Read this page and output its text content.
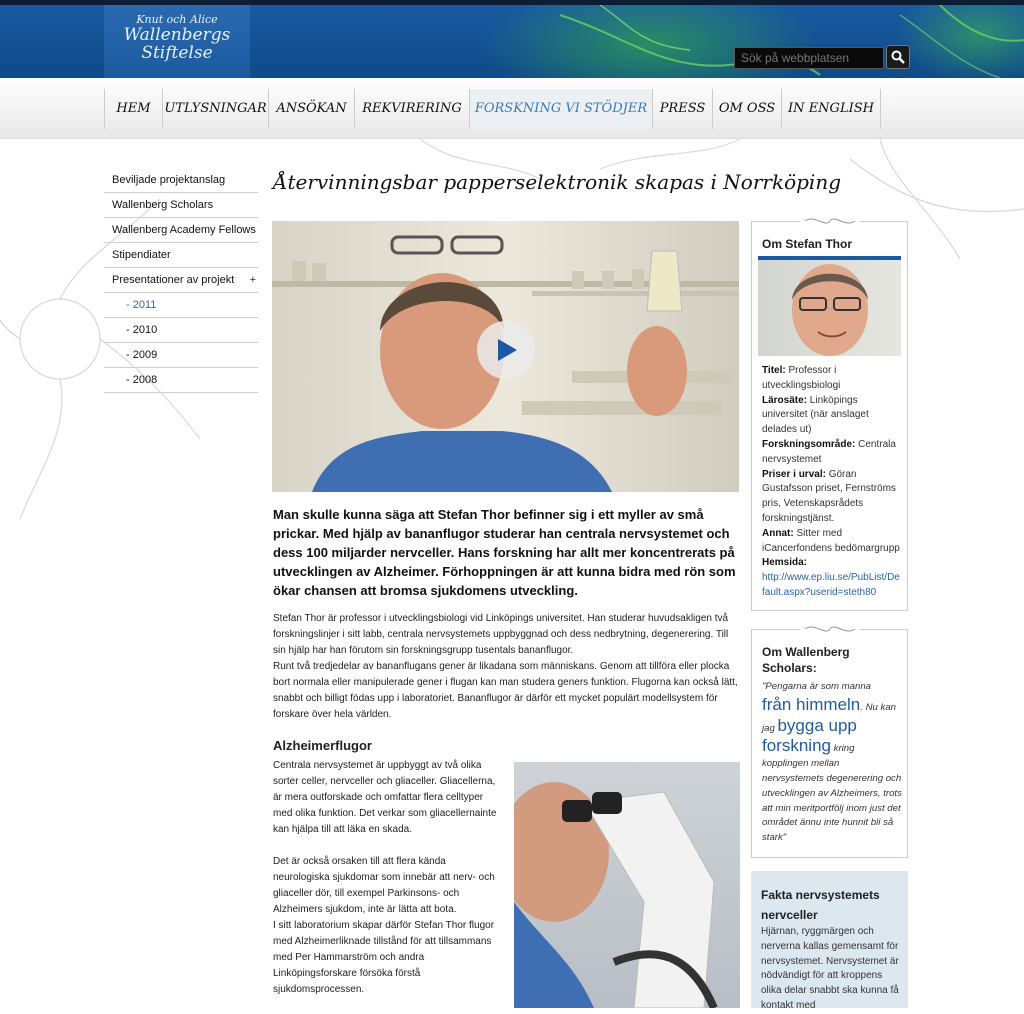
Knut och Alice
Wallenbergs
Stiftelse
Sök på webbplatsen
HEM	UTLYSNINGAR ANSÖKAN	REKVIRERING	FORSKNING VI STÖDJER PRESS	OM OSS IN ENGLISH
Beviljade projektanslag
Wallenberg Scholars
Wallenberg Academy Fellows
Stipendiater
Presentationer av projekt +
- 2011
- 2010
- 2009
- 2008
Återvinningsbar papperselektronik skapas i Norrköping
Man skulle kunna säga att Stefan Thor befinner sig i ett myller av små prickar. Med hjälp av bananflugor studerar han centrala nervsystemet och dess 100 miljarder nervceller. Hans forskning har allt mer koncentrerats på utvecklingen av Alzheimer. Förhoppningen är att kunna bidra med rön som ökar chansen att bromsa sjukdomens utveckling.

Stefan Thor är professor i utvecklingsbiologi vid Linköpings universitet. Han studerar huvudsakligen två forskningslinjer i sitt labb, centrala nervsystemets uppbyggnad och dess nedbrytning, degenerering. Till sin hjälp har han förutom sin forskningsgrupp tusentals bananflugor.

Runt två tredjedelar av bananflugans gener är likadana som människans. Genom att tillföra eller plocka bort normala eller manipulerade gener i flugan kan man studera geners funktion. Flugorna kan också lätt, snabbt och billigt födas upp i laboratoriet. Bananflugor är därför ett mycket populärt modellsystem för forskare över hela världen.

Alzheimerflugor

Centrala nervsystemet är uppbyggt av två olika sorter celler, nervceller och gliaceller. Gliacellerna, är mera outforskade och omfattar flera celltyper med olika funktion. Det verkar som gliacellernainte kan hjälpa till att läka en skada.

Det är också orsaken till att flera kända neurologiska sjukdomar som innebär att nerv- och gliaceller dör, till exempel Parkinsons- och Alzheimers sjukdom, inte är lätta att bota.

I sitt laboratorium skapar därför Stefan Thor flugor med Alzheimerliknade tillstånd för att tillsammans med Per Hammarström och andra Linköpingsforskare försöka förstå sjukdomsprocessen.

Om Stefan Thor
Titel: Professor i utvecklingsbiologi
Lärosäte: Linköpings universitet (när anslaget delades ut)
Forskningsområde: Centrala nervsystemet
Priser i urval: Göran Gustafsson priset, Fernströms pris, Vetenskapsrådets forskningstjänst.
Annat: Sitter med iCancerfondens bedömargrupp
Hemsida:
http://www.ep.liu.se/PubList/Default.aspx?userid=steth80
Om Wallenberg Scholars:
"Pengarna är som manna från himmeln. Nu kan jag bygga upp forskning kring kopplingen mellan nervsystemets degenerering och utvecklingen av Alzheimers, trots att min meritportfölj inom just det området ännu inte hunnit bli så stark"
Fakta nervsystemets nervceller
Hjärnan, ryggmärgen och nerverna kallas gemensamt för nervsystemet. Nervsystemet är nödvändigt för att kroppens olika delar snabbt ska kunna få kontakt med
